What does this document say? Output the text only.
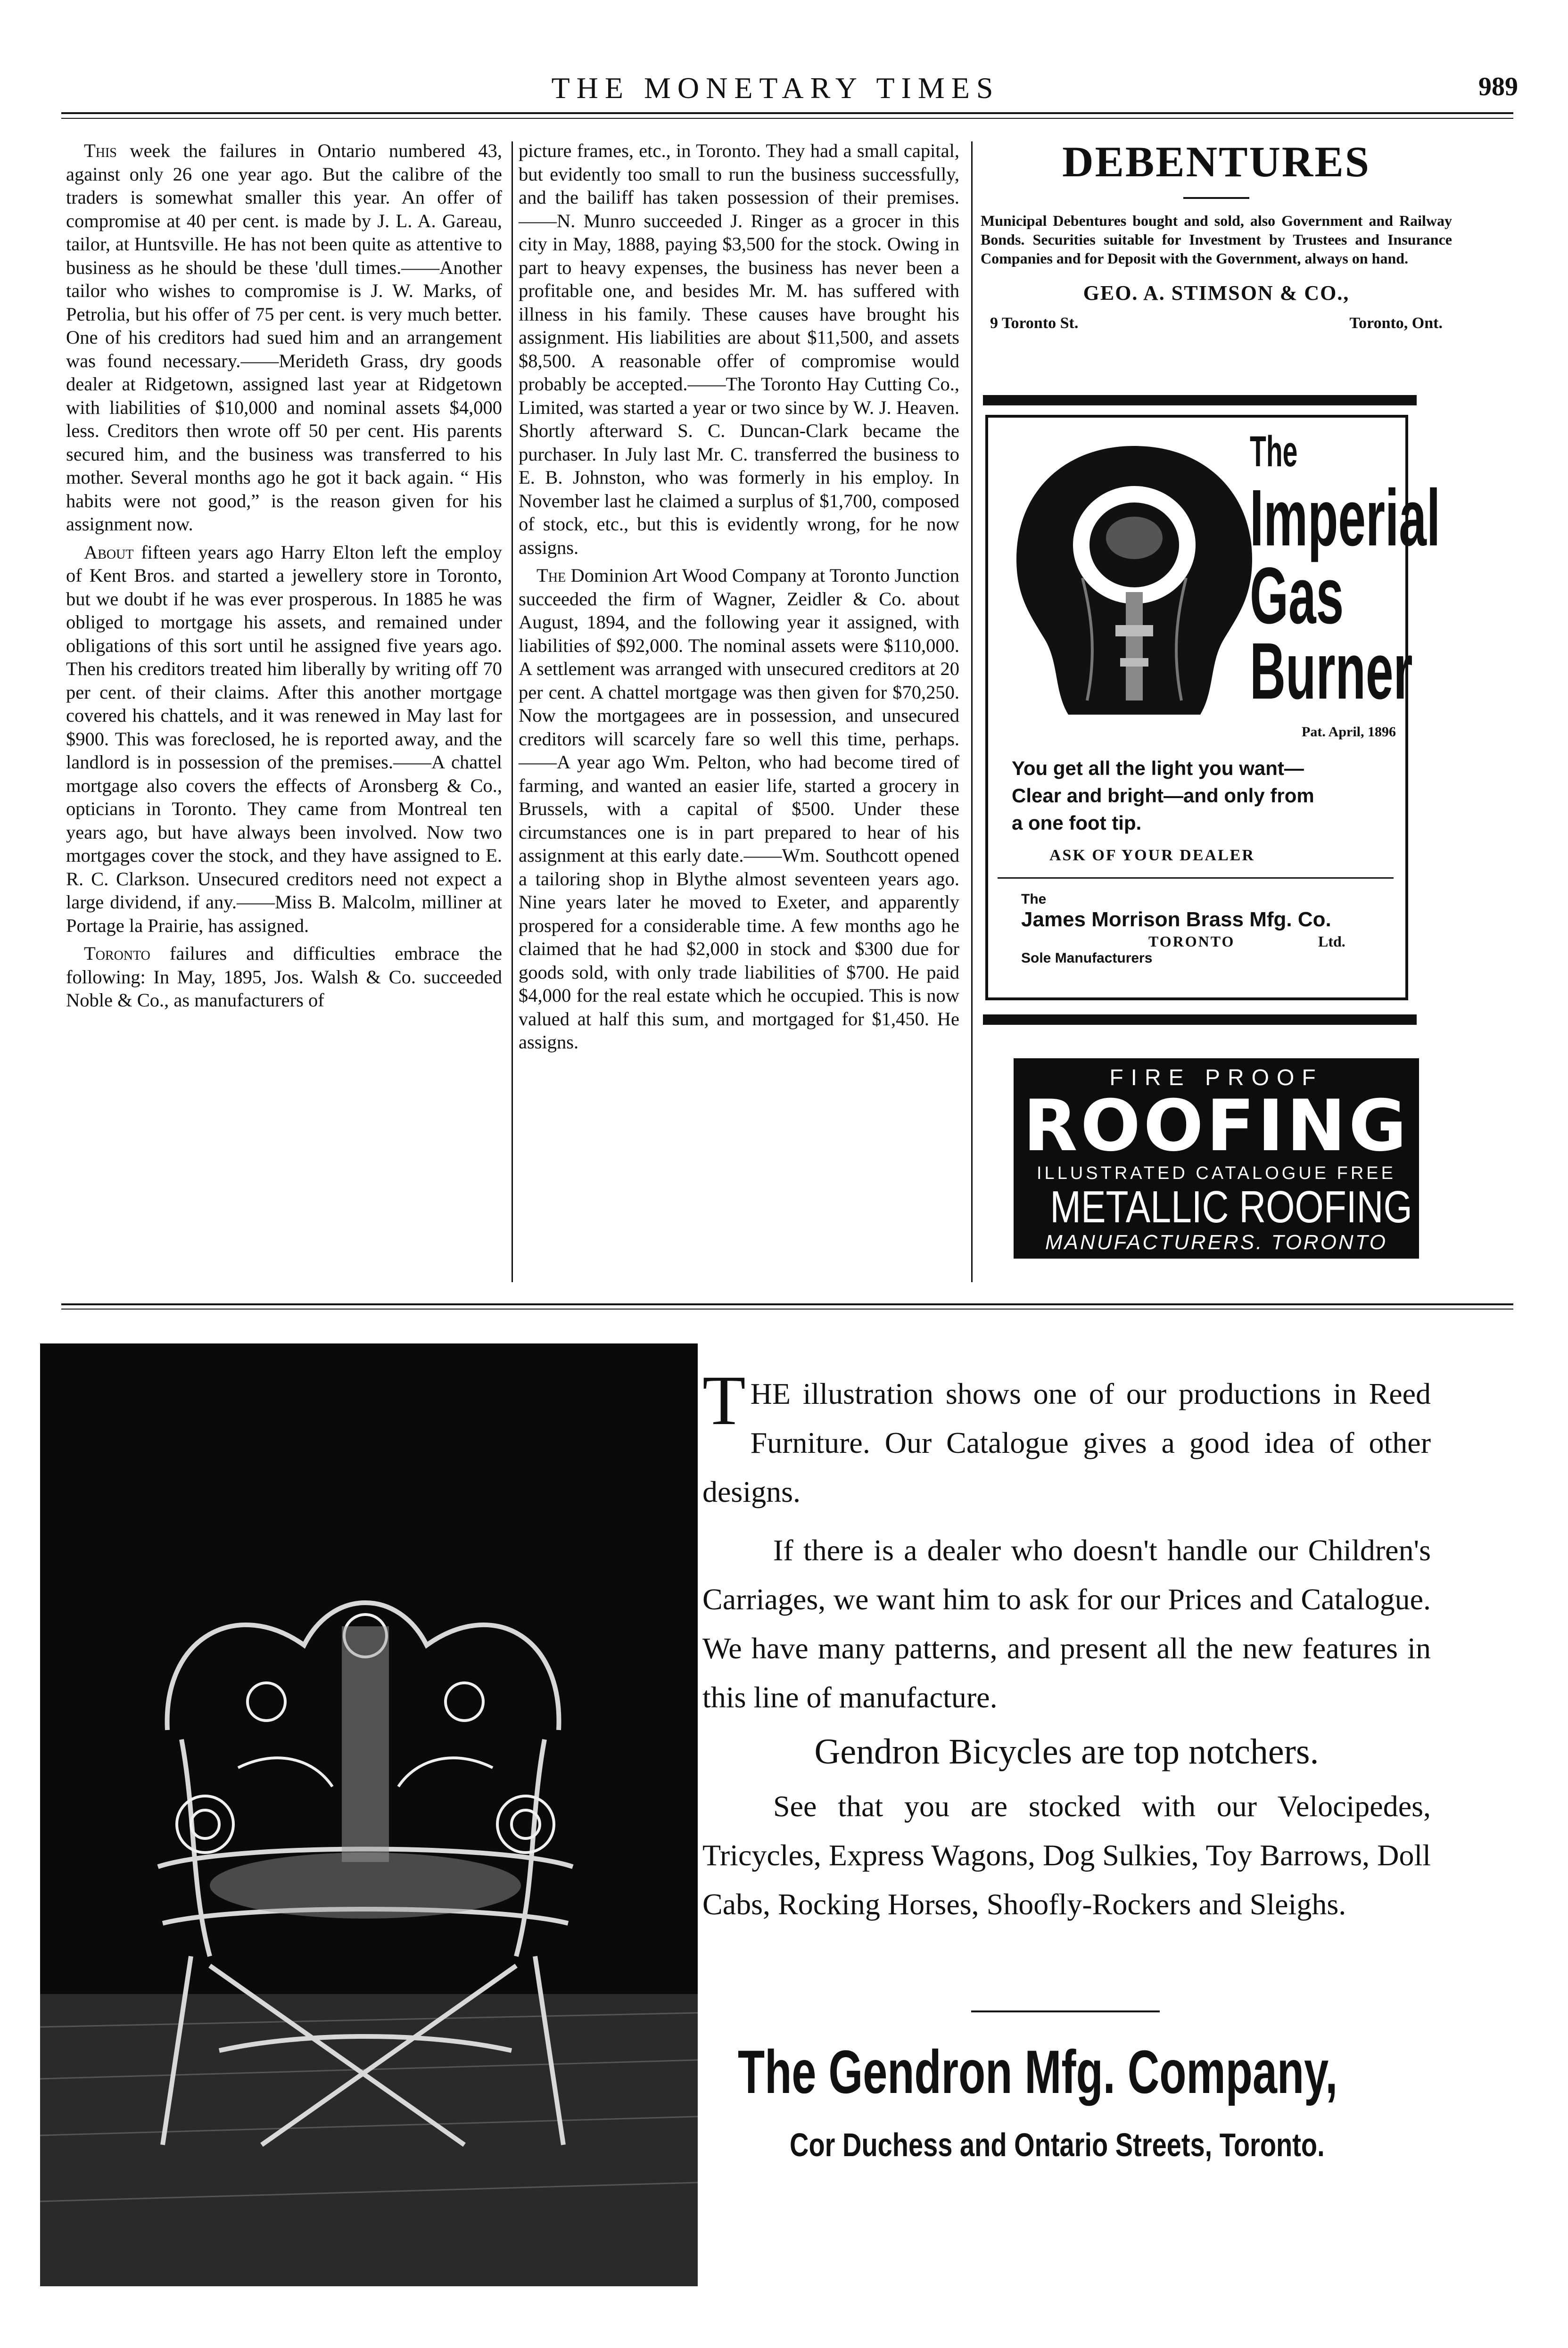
THE MONETARY TIMES	989

This week the failures in Ontario numbered 43, against only 26 one year ago. But the calibre of the traders is somewhat smaller this year. An offer of compromise at 40 per cent. is made by J. L. A. Gareau, tailor, at Huntsville. He has not been quite as attentive to business as he should be these 'dull times.——Another tailor who wishes to compromise is J. W. Marks, of Petrolia, but his offer of 75 per cent. is very much better. One of his creditors had sued him and an arrangement was found necessary.——Merideth Grass, dry goods dealer at Ridgetown, assigned last year at Ridgetown with liabilities of $10,000 and nominal assets $4,000 less. Creditors then wrote off 50 per cent. His parents secured him, and the business was transferred to his mother. Several months ago he got it back again. “ His habits were not good,” is the reason given for his assignment now.

About fifteen years ago Harry Elton left the employ of Kent Bros. and started a jewellery store in Toronto, but we doubt if he was ever prosperous. In 1885 he was obliged to mortgage his assets, and remained under obligations of this sort until he assigned five years ago. Then his creditors treated him liberally by writing off 70 per cent. of their claims. After this another mortgage covered his chattels, and it was renewed in May last for $900. This was foreclosed, he is reported away, and the landlord is in possession of the premises.——A chattel mortgage also covers the effects of Aronsberg & Co., opticians in Toronto. They came from Montreal ten years ago, but have always been involved. Now two mortgages cover the stock, and they have assigned to E. R. C. Clarkson. Unsecured creditors need not expect a large dividend, if any.——Miss B. Malcolm, milliner at Portage la Prairie, has assigned.

Toronto failures and difficulties embrace the following: In May, 1895, Jos. Walsh & Co. succeeded Noble & Co., as manufacturers of

picture frames, etc., in Toronto. They had a small capital, but evidently too small to run the business successfully, and the bailiff has taken possession of their premises.——N. Munro succeeded J. Ringer as a grocer in this city in May, 1888, paying $3,500 for the stock. Owing in part to heavy expenses, the business has never been a profitable one, and besides Mr. M. has suffered with illness in his family. These causes have brought his assignment. His liabilities are about $11,500, and assets $8,500. A reasonable offer of compromise would probably be accepted.——The Toronto Hay Cutting Co., Limited, was started a year or two since by W. J. Heaven. Shortly afterward S. C. Duncan-Clark became the purchaser. In July last Mr. C. transferred the business to E. B. Johnston, who was formerly in his employ. In November last he claimed a surplus of $1,700, composed of stock, etc., but this is evidently wrong, for he now assigns.

The Dominion Art Wood Company at Toronto Junction succeeded the firm of Wagner, Zeidler & Co. about August, 1894, and the following year it assigned, with liabilities of $92,000. The nominal assets were $110,000. A settlement was arranged with unsecured creditors at 20 per cent. A chattel mortgage was then given for $70,250. Now the mortgagees are in possession, and unsecured creditors will scarcely fare so well this time, perhaps.——A year ago Wm. Pelton, who had become tired of farming, and wanted an easier life, started a grocery in Brussels, with a capital of $500. Under these circumstances one is in part prepared to hear of his assignment at this early date.——Wm. Southcott opened a tailoring shop in Blythe almost seventeen years ago. Nine years later he moved to Exeter, and apparently prospered for a considerable time. A few months ago he claimed that he had $2,000 in stock and $300 due for goods sold, with only trade liabilities of $700. He paid $4,000 for the real estate which he occupied. This is now valued at half this sum, and mortgaged for $1,450. He assigns.

DEBENTURES
Municipal Debentures bought and sold, also Government and Railway Bonds. Securities suitable for Investment by Trustees and Insurance Companies and for Deposit with the Government, always on hand.
GEO. A. STIMSON & CO.,
9 Toronto St.	Toronto, Ont.
The
Imperial
Gas
Burner
Pat. April, 1896
You get all the light you want—
Clear and bright—and only from
a one foot tip.
ASK OF YOUR DEALER
The
James Morrison Brass Mfg. Co.
TORONTO	Ltd.
Sole Manufacturers
FIRE PROOF
ROOFING
ILLUSTRATED CATALOGUE FREE
METALLIC ROOFING Co
MANUFACTURERS. TORONTO

THE illustration shows one of our productions in Reed Furniture. Our Catalogue gives a good idea of other designs.

If there is a dealer who doesn't handle our Children's Carriages, we want him to ask for our Prices and Catalogue. We have many patterns, and present all the new features in this line of manufacture.

Gendron Bicycles are top notchers.

See that you are stocked with our Velocipedes, Tricycles, Express Wagons, Dog Sulkies, Toy Barrows, Doll Cabs, Rocking Horses, Shoofly-Rockers and Sleighs.

The Gendron Mfg. Company,
Cor Duchess and Ontario Streets, Toronto.
